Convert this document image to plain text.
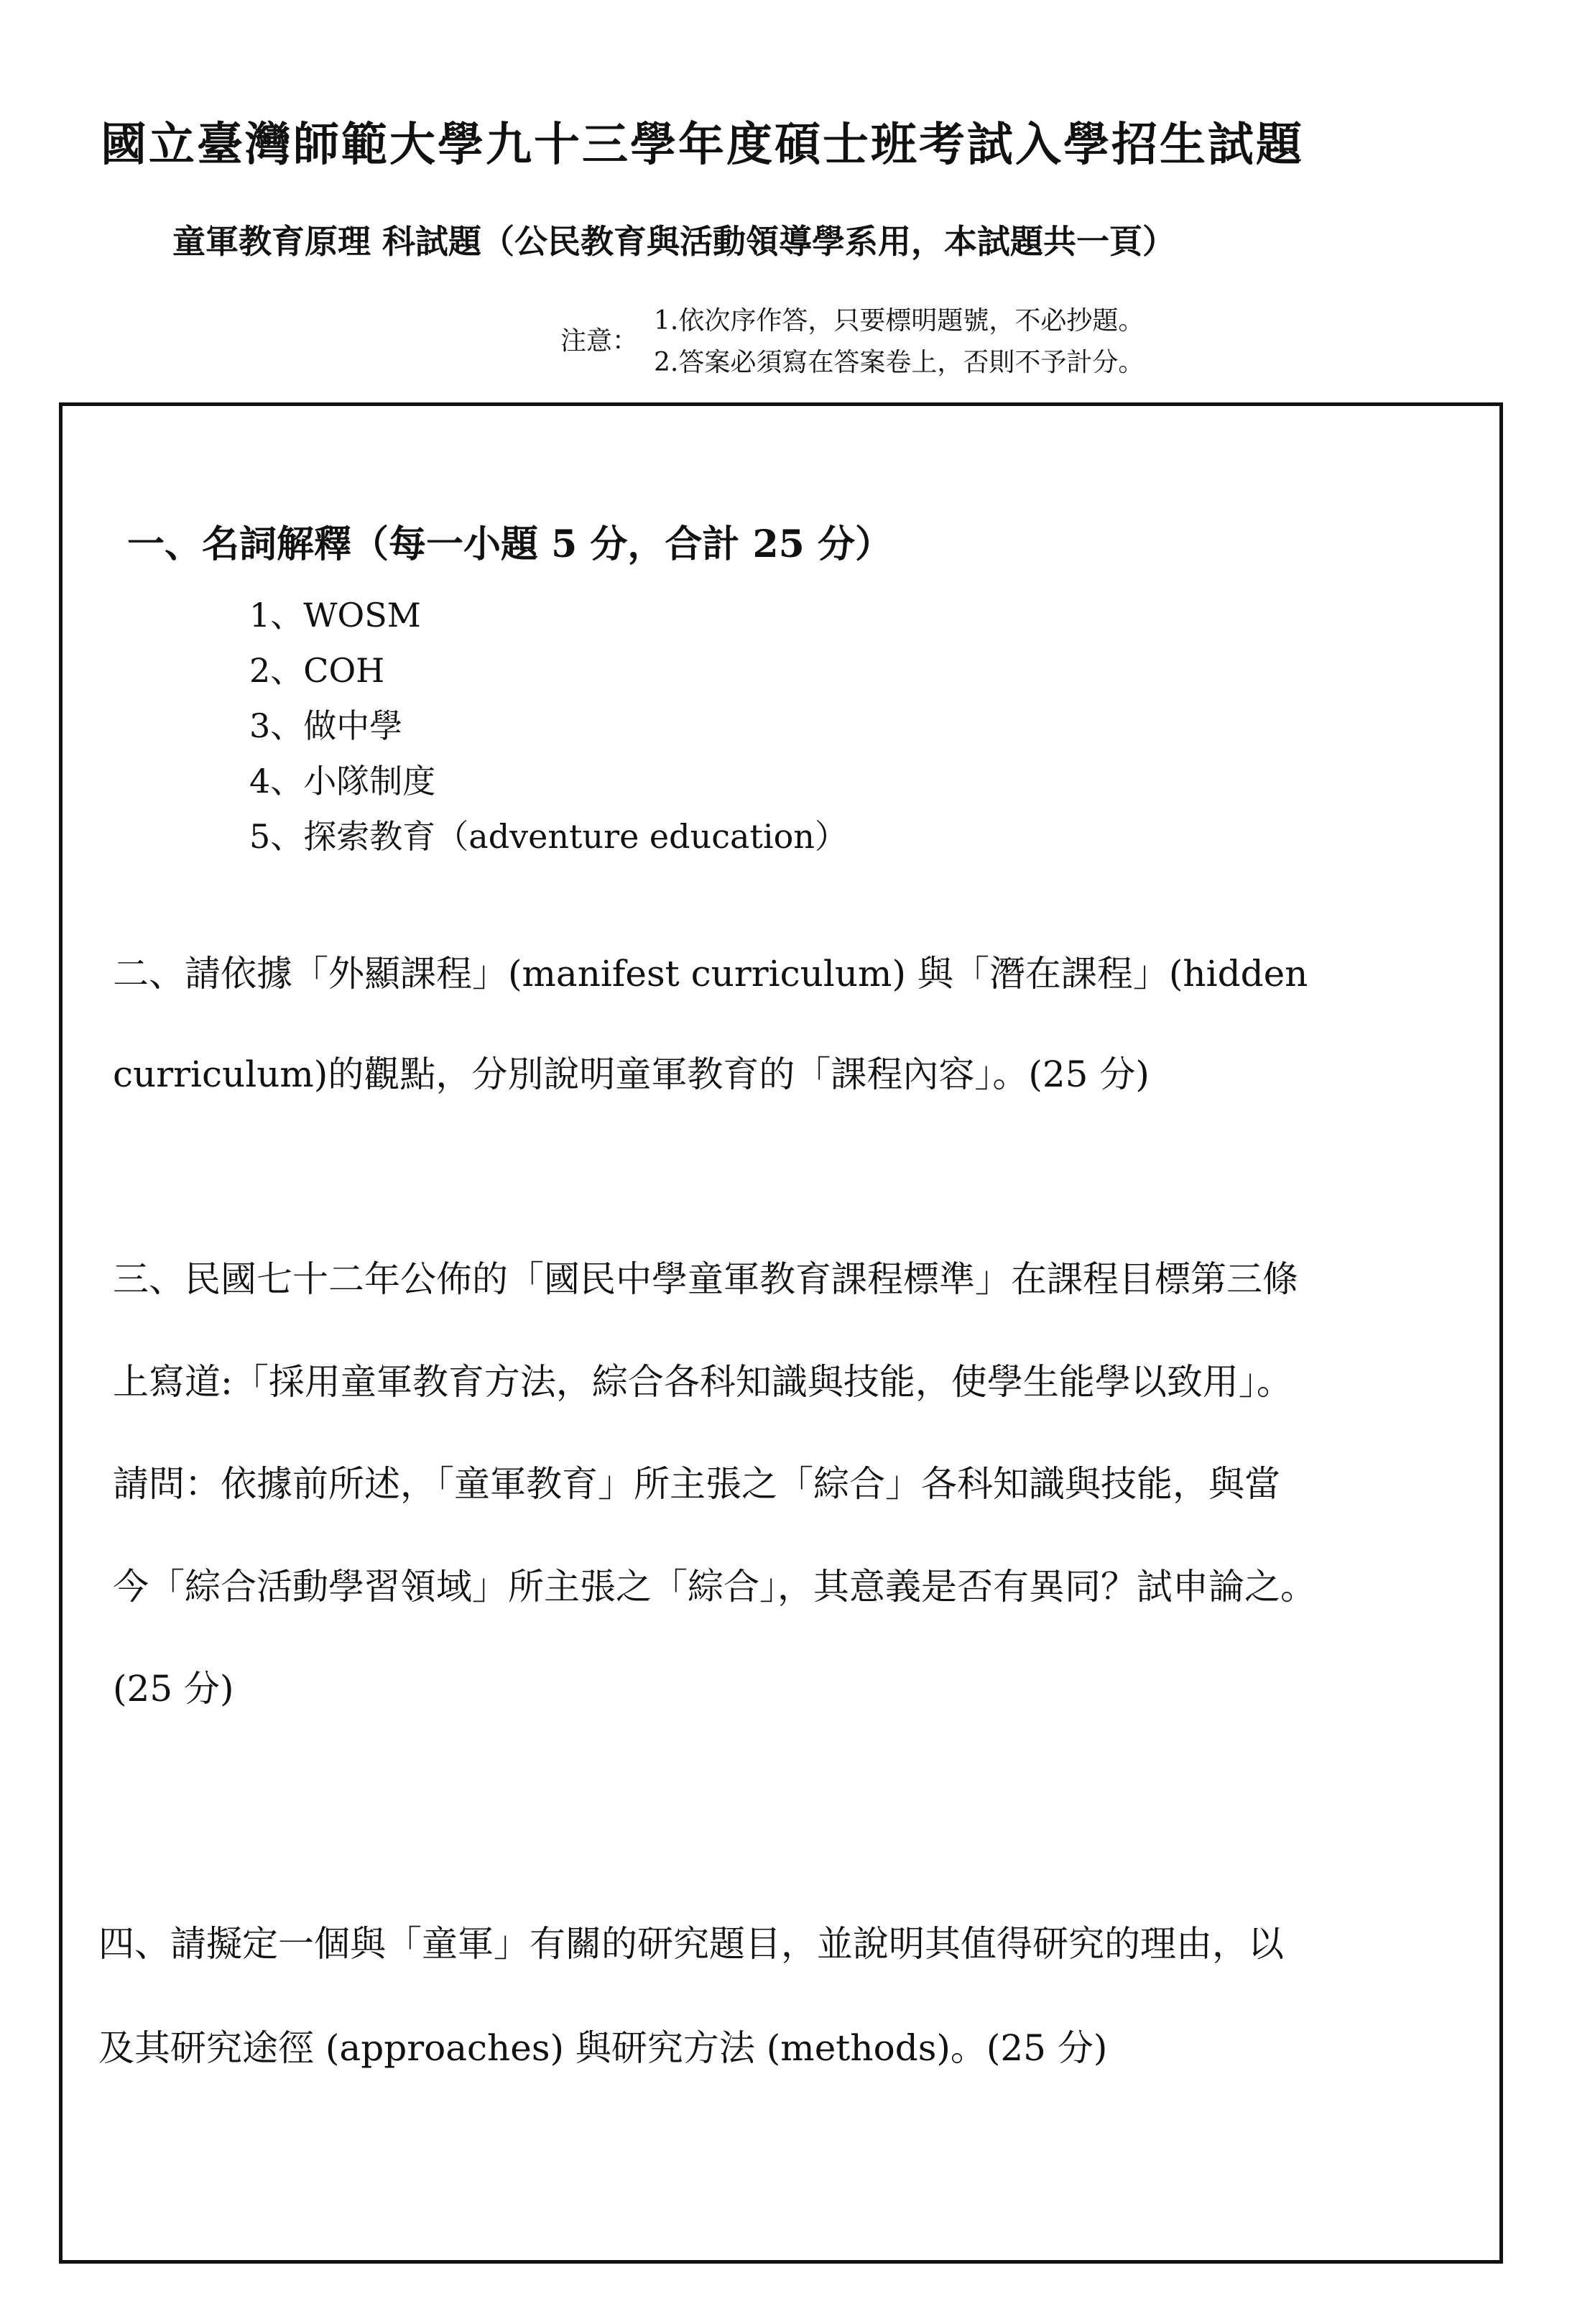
國立臺灣師範大學九十三學年度碩士班考試入學招生試題
童軍教育原理 科試題（公民教育與活動領導學系用，本試題共一頁）
注意：
1.依次序作答，只要標明題號，不必抄題。
2.答案必須寫在答案卷上，否則不予計分。
一、名詞解釋（每一小題 5 分，合計 25 分）
1、WOSM
2、COH
3、做中學
4、小隊制度
5、探索教育（adventure education）
二、請依據「外顯課程」(manifest curriculum) 與「潛在課程」(hidden
curriculum)的觀點，分別說明童軍教育的「課程內容」。(25 分)
三、民國七十二年公佈的「國民中學童軍教育課程標準」在課程目標第三條
上寫道:「採用童軍教育方法，綜合各科知識與技能，使學生能學以致用」。
請問：依據前所述，「童軍教育」所主張之「綜合」各科知識與技能，與當
今「綜合活動學習領域」所主張之「綜合」，其意義是否有異同？試申論之。
(25 分)
四、請擬定一個與「童軍」有關的研究題目，並說明其值得研究的理由，以
及其研究途徑 (approaches) 與研究方法 (methods)。(25 分)
